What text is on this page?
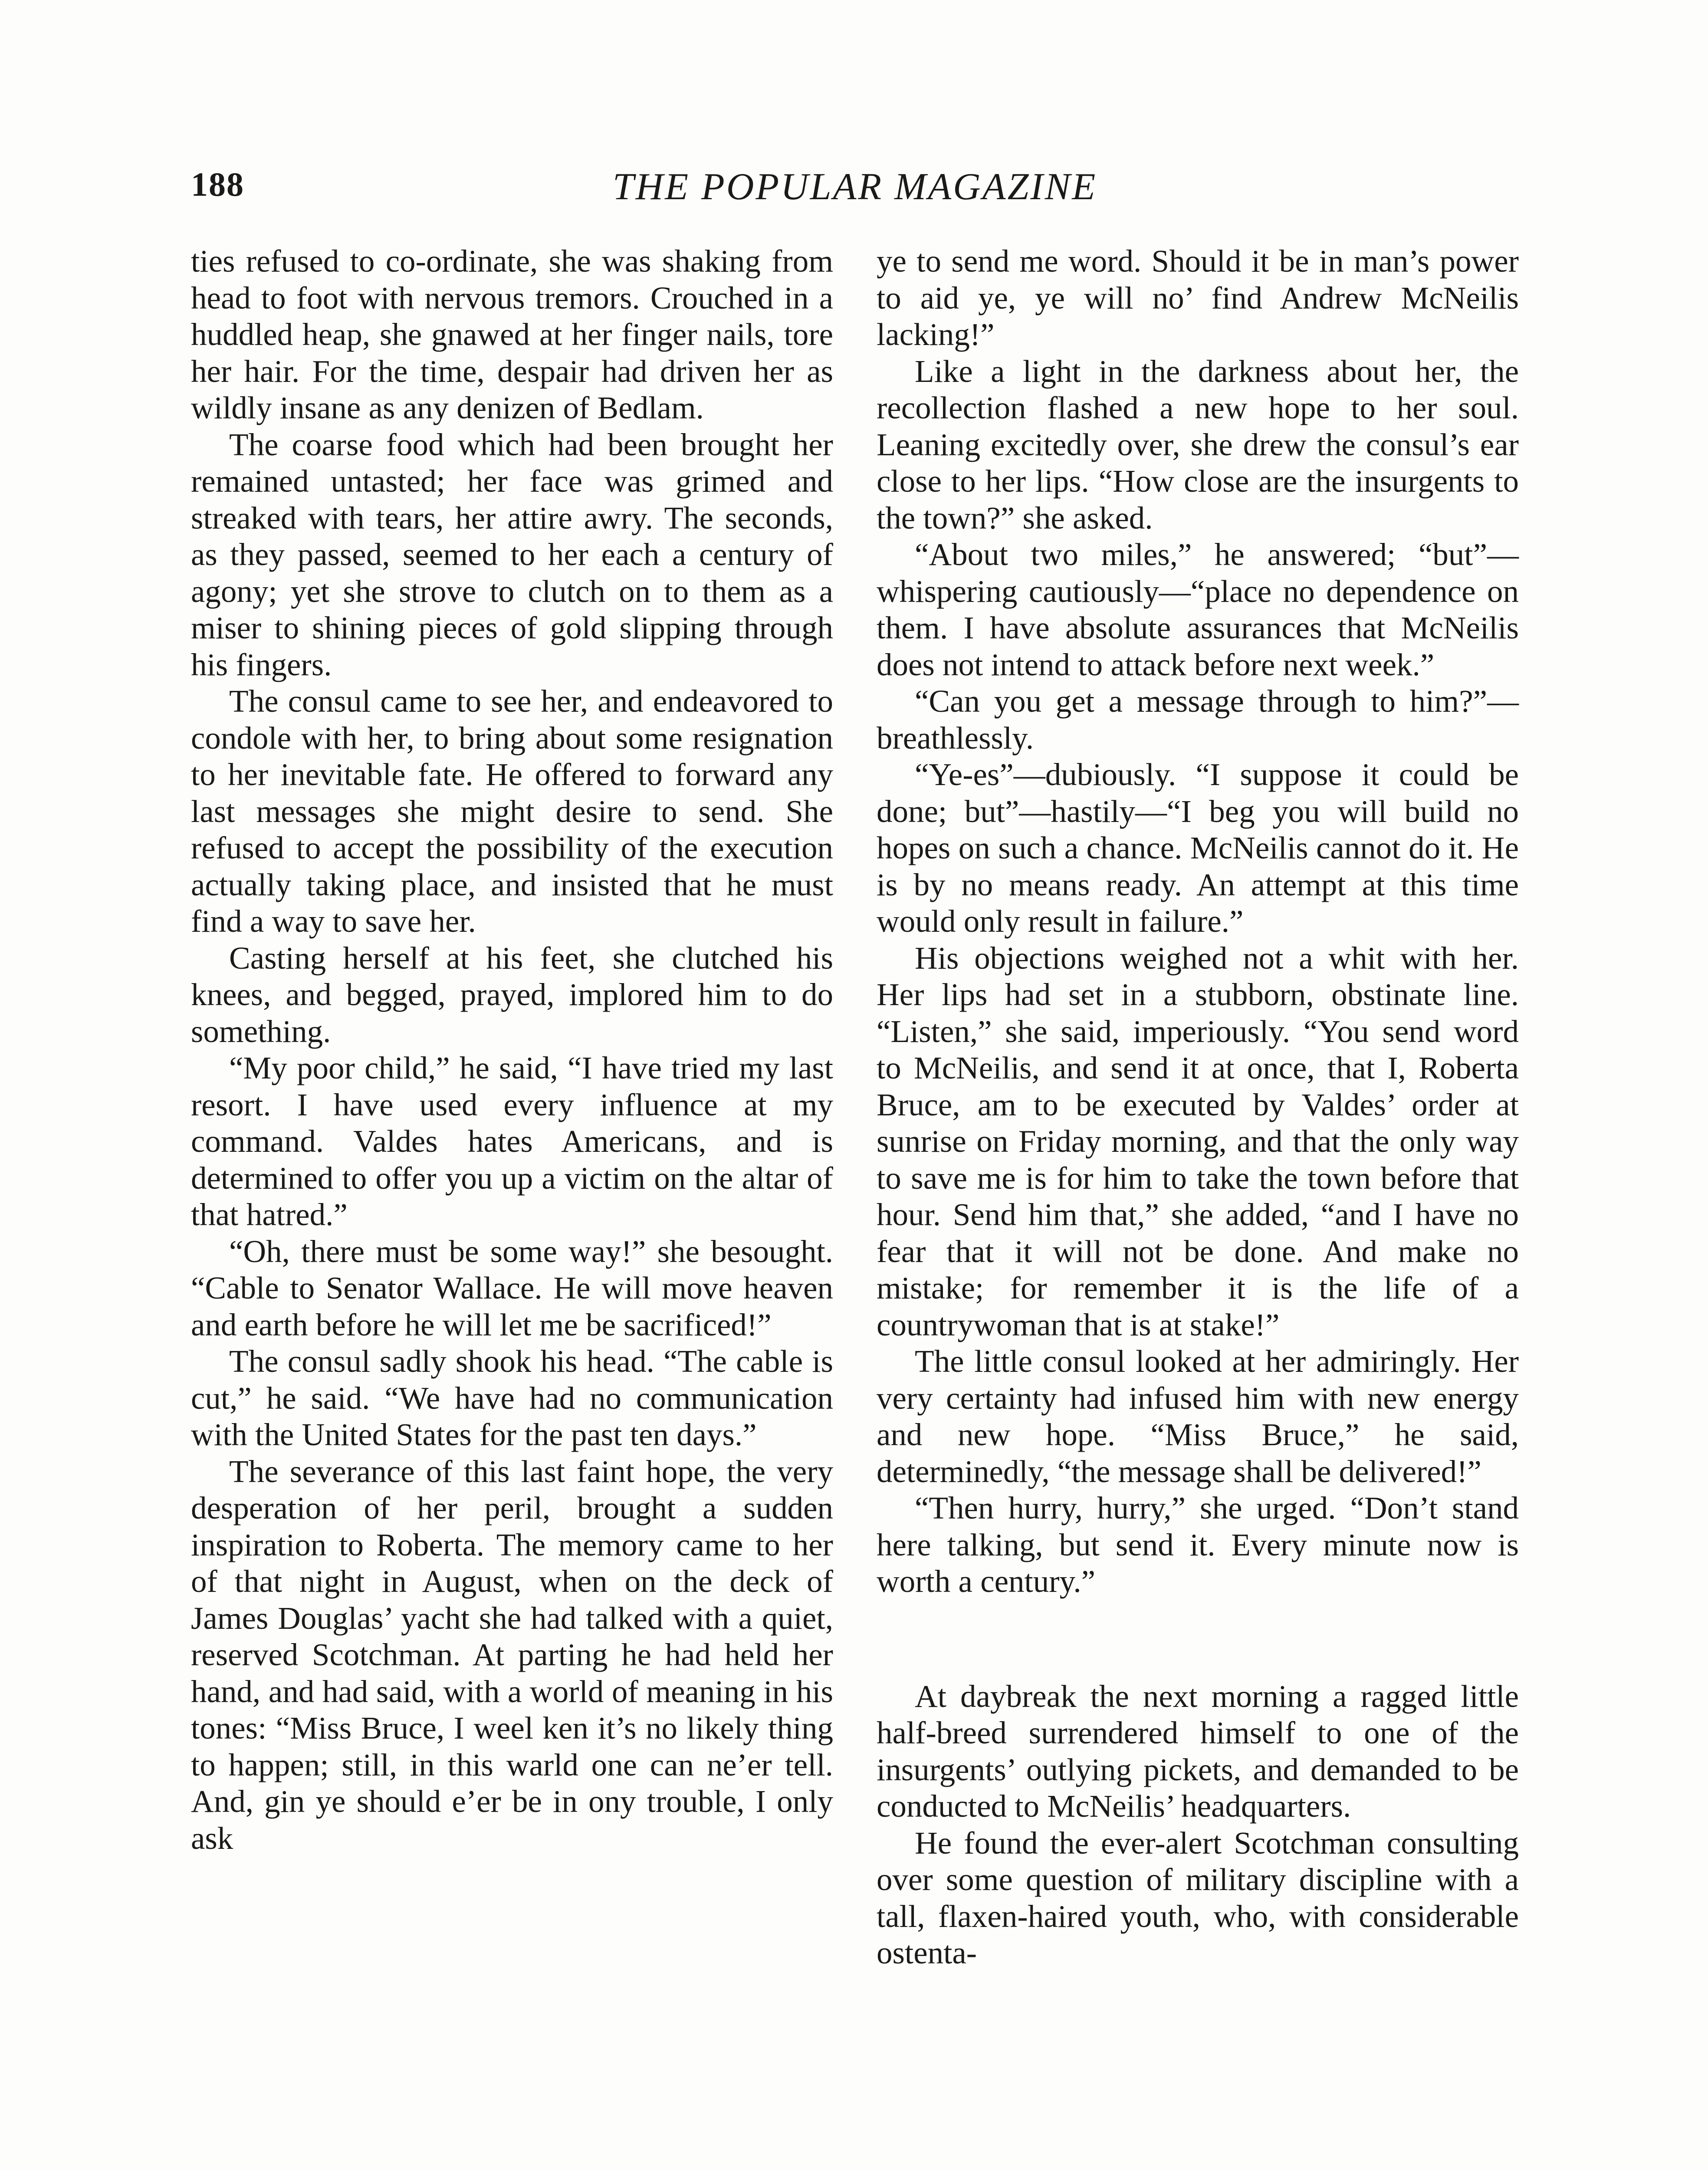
188	THE POPULAR MAGAZINE

ties refused to co-ordinate, she was shaking from head to foot with nervous tremors. Crouched in a huddled heap, she gnawed at her finger nails, tore her hair. For the time, despair had driven her as wildly insane as any denizen of Bedlam.

The coarse food which had been brought her remained untasted; her face was grimed and streaked with tears, her attire awry. The seconds, as they passed, seemed to her each a century of agony; yet she strove to clutch on to them as a miser to shining pieces of gold slipping through his fingers.

The consul came to see her, and endeavored to condole with her, to bring about some resignation to her inevitable fate. He offered to forward any last messages she might desire to send. She refused to accept the possibility of the execution actually taking place, and insisted that he must find a way to save her.

Casting herself at his feet, she clutched his knees, and begged, prayed, implored him to do something.

“My poor child,” he said, “I have tried my last resort. I have used every influence at my command. Valdes hates Americans, and is determined to offer you up a victim on the altar of that hatred.”

“Oh, there must be some way!” she besought. “Cable to Senator Wallace. He will move heaven and earth before he will let me be sacrificed!”

The consul sadly shook his head. “The cable is cut,” he said. “We have had no communication with the United States for the past ten days.”

The severance of this last faint hope, the very desperation of her peril, brought a sudden inspiration to Roberta. The memory came to her of that night in August, when on the deck of James Douglas’ yacht she had talked with a quiet, reserved Scotchman. At parting he had held her hand, and had said, with a world of meaning in his tones: “Miss Bruce, I weel ken it’s no likely thing to happen; still, in this warld one can ne’er tell. And, gin ye should e’er be in ony trouble, I only ask

ye to send me word. Should it be in man’s power to aid ye, ye will no’ find Andrew McNeilis lacking!”

Like a light in the darkness about her, the recollection flashed a new hope to her soul. Leaning excitedly over, she drew the consul’s ear close to her lips. “How close are the insurgents to the town?” she asked.

“About two miles,” he answered; “but”—whispering cautiously—“place no dependence on them. I have absolute assurances that McNeilis does not intend to attack before next week.”

“Can you get a message through to him?”—breathlessly.

“Ye-es”—dubiously. “I suppose it could be done; but”—hastily—“I beg you will build no hopes on such a chance. McNeilis cannot do it. He is by no means ready. An attempt at this time would only result in failure.”

His objections weighed not a whit with her. Her lips had set in a stubborn, obstinate line. “Listen,” she said, imperiously. “You send word to McNeilis, and send it at once, that I, Roberta Bruce, am to be executed by Valdes’ order at sunrise on Friday morning, and that the only way to save me is for him to take the town before that hour. Send him that,” she added, “and I have no fear that it will not be done. And make no mistake; for remember it is the life of a countrywoman that is at stake!”

The little consul looked at her admiringly. Her very certainty had infused him with new energy and new hope. “Miss Bruce,” he said, determinedly, “the message shall be delivered!”

“Then hurry, hurry,” she urged. “Don’t stand here talking, but send it. Every minute now is worth a century.”

At daybreak the next morning a ragged little half-breed surrendered himself to one of the insurgents’ outlying pickets, and demanded to be conducted to McNeilis’ headquarters.

He found the ever-alert Scotchman consulting over some question of military discipline with a tall, flaxen-haired youth, who, with considerable ostenta-
